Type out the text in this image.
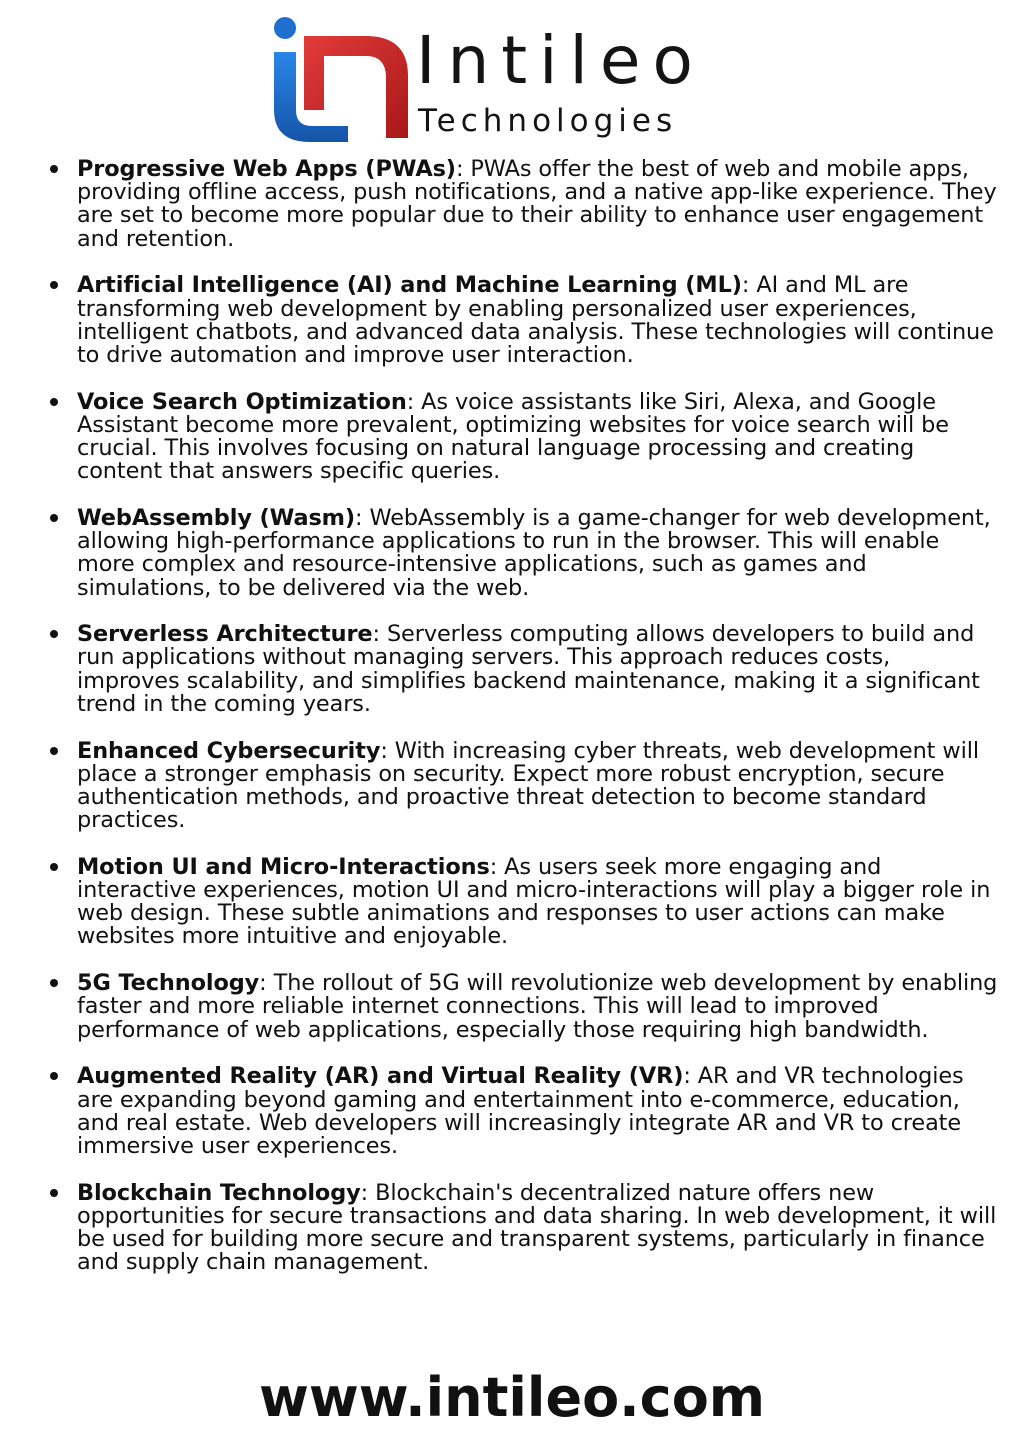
Intileo
Technologies
Progressive Web Apps (PWAs): PWAs offer the best of web and mobile apps, providing offline access, push notifications, and a native app-like experience. They are set to become more popular due to their ability to enhance user engagement and retention.
Artificial Intelligence (AI) and Machine Learning (ML): AI and ML are transforming web development by enabling personalized user experiences, intelligent chatbots, and advanced data analysis. These technologies will continue to drive automation and improve user interaction.
Voice Search Optimization: As voice assistants like Siri, Alexa, and Google Assistant become more prevalent, optimizing websites for voice search will be crucial. This involves focusing on natural language processing and creating content that answers specific queries.
WebAssembly (Wasm): WebAssembly is a game-changer for web development, allowing high-performance applications to run in the browser. This will enable more complex and resource-intensive applications, such as games and simulations, to be delivered via the web.
Serverless Architecture: Serverless computing allows developers to build and run applications without managing servers. This approach reduces costs, improves scalability, and simplifies backend maintenance, making it a significant trend in the coming years.
Enhanced Cybersecurity: With increasing cyber threats, web development will place a stronger emphasis on security. Expect more robust encryption, secure authentication methods, and proactive threat detection to become standard practices.
Motion UI and Micro-Interactions: As users seek more engaging and interactive experiences, motion UI and micro-interactions will play a bigger role in web design. These subtle animations and responses to user actions can make websites more intuitive and enjoyable.
5G Technology: The rollout of 5G will revolutionize web development by enabling faster and more reliable internet connections. This will lead to improved performance of web applications, especially those requiring high bandwidth.
Augmented Reality (AR) and Virtual Reality (VR): AR and VR technologies are expanding beyond gaming and entertainment into e-commerce, education, and real estate. Web developers will increasingly integrate AR and VR to create immersive user experiences.
Blockchain Technology: Blockchain's decentralized nature offers new opportunities for secure transactions and data sharing. In web development, it will be used for building more secure and transparent systems, particularly in finance and supply chain management.
www.intileo.com
